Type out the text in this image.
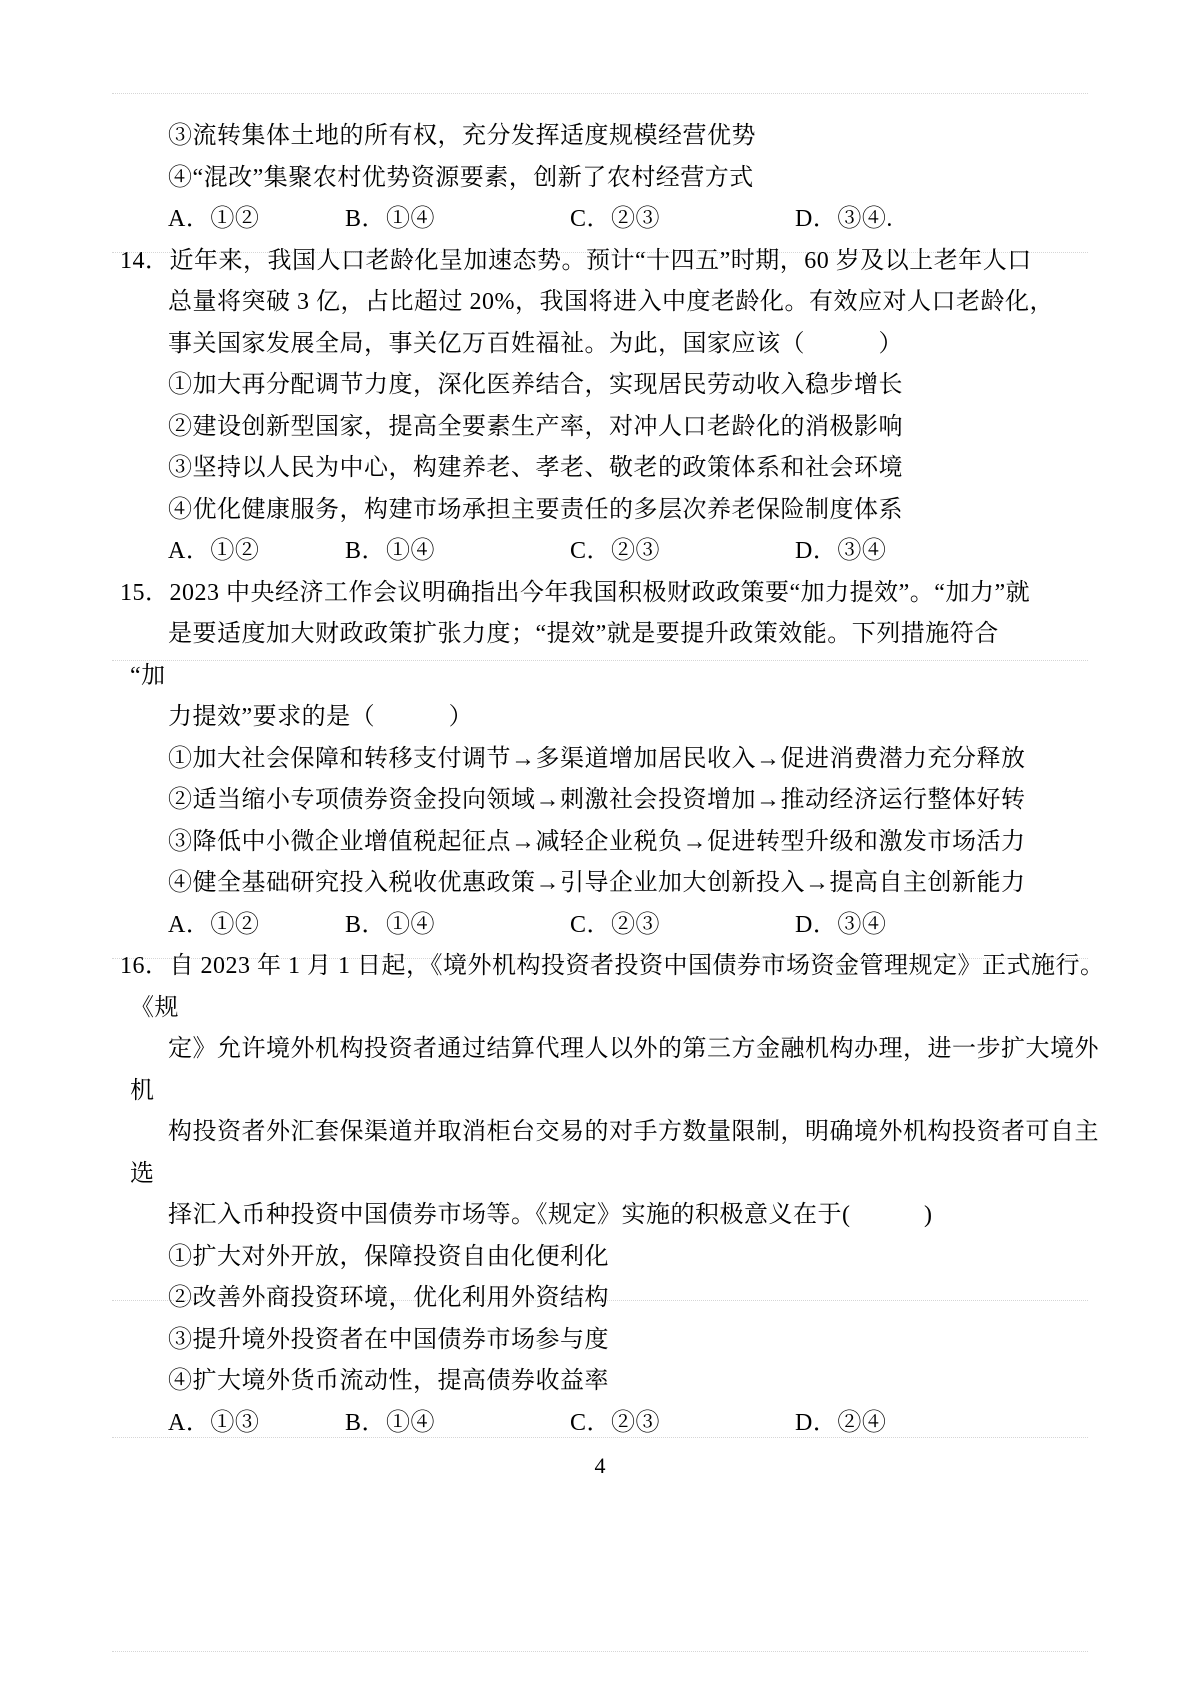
③流转集体土地的所有权，充分发挥适度规模经营优势
④“混改”集聚农村优势资源要素，创新了农村经营方式
A．①②	B．①④	C．②③	D．③④.
14．近年来，我国人口老龄化呈加速态势。预计“十四五”时期，60 岁及以上老年人口
总量将突破 3 亿，占比超过 20%，我国将进入中度老龄化。有效应对人口老龄化，
事关国家发展全局，事关亿万百姓福祉。为此，国家应该（　　　）
①加大再分配调节力度，深化医养结合，实现居民劳动收入稳步增长
②建设创新型国家，提高全要素生产率，对冲人口老龄化的消极影响
③坚持以人民为中心，构建养老、孝老、敬老的政策体系和社会环境
④优化健康服务，构建市场承担主要责任的多层次养老保险制度体系
A．①②	B．①④	C．②③	D．③④
15．2023 中央经济工作会议明确指出今年我国积极财政政策要“加力提效”。“加力”就
是要适度加大财政政策扩张力度；“提效”就是要提升政策效能。下列措施符合
“加
力提效”要求的是（　　　）
①加大社会保障和转移支付调节→多渠道增加居民收入→促进消费潜力充分释放
②适当缩小专项债券资金投向领域→刺激社会投资增加→推动经济运行整体好转
③降低中小微企业增值税起征点→减轻企业税负→促进转型升级和激发市场活力
④健全基础研究投入税收优惠政策→引导企业加大创新投入→提高自主创新能力
A．①②	B．①④	C．②③	D．③④
16．自 2023 年 1 月 1 日起，《境外机构投资者投资中国债券市场资金管理规定》正式施行。
《规
定》允许境外机构投资者通过结算代理人以外的第三方金融机构办理，进一步扩大境外
机
构投资者外汇套保渠道并取消柜台交易的对手方数量限制，明确境外机构投资者可自主
选
择汇入币种投资中国债券市场等。《规定》实施的积极意义在于(　　　)
①扩大对外开放，保障投资自由化便利化
②改善外商投资环境，优化利用外资结构
③提升境外投资者在中国债券市场参与度
④扩大境外货币流动性，提高债券收益率
A．①③	B．①④	C．②③	D．②④
4
